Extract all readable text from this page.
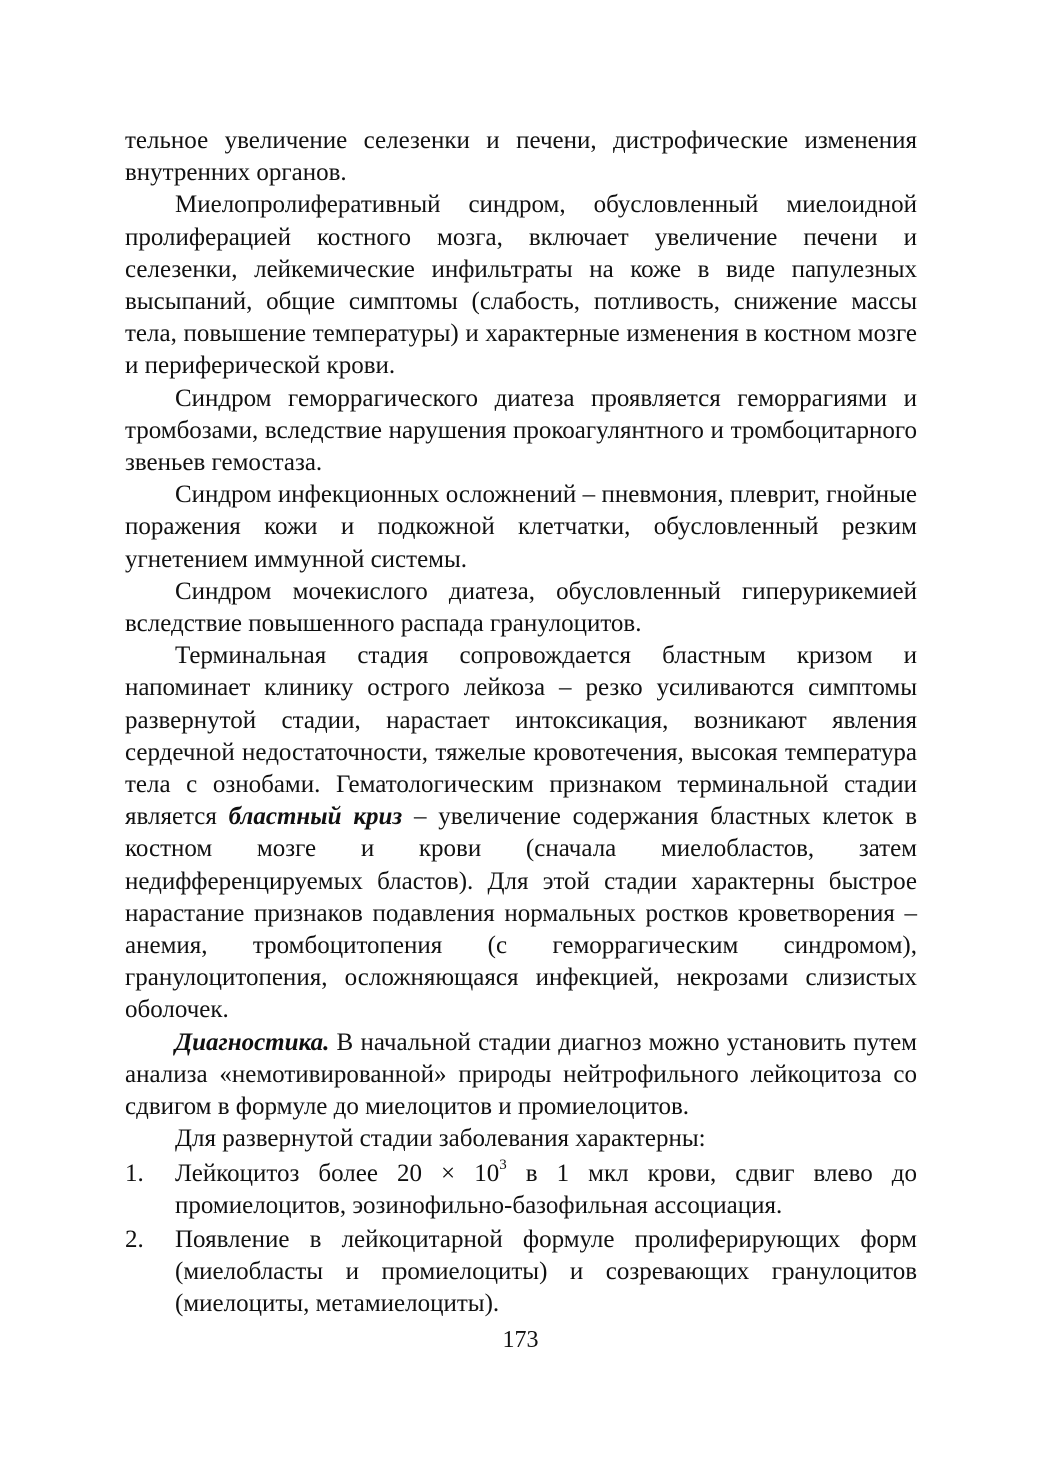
тельное увеличение селезенки и печени, дистрофические изменения внутренних органов.

Миелопролиферативный синдром, обусловленный миелоидной пролиферацией костного мозга, включает увеличение печени и селезенки, лейкемические инфильтраты на коже в виде папулезных высыпаний, общие симптомы (слабость, потливость, снижение массы тела, повышение температуры) и характерные изменения в костном мозге и периферической крови.

Синдром геморрагического диатеза проявляется геморрагиями и тромбозами, вследствие нарушения прокоагулянтного и тромбоцитарного звеньев гемостаза.

Синдром инфекционных осложнений – пневмония, плеврит, гнойные поражения кожи и подкожной клетчатки, обусловленный резким угнетением иммунной системы.

Синдром мочекислого диатеза, обусловленный гиперурикемией вследствие повышенного распада гранулоцитов.

Терминальная стадия сопровождается бластным кризом и напоминает клинику острого лейкоза – резко усиливаются симптомы развернутой стадии, нарастает интоксикация, возникают явления сердечной недостаточности, тяжелые кровотечения, высокая температура тела с ознобами. Гематологическим признаком терминальной стадии является бластный криз – увеличение содержания бластных клеток в костном мозге и крови (сначала миелобластов, затем недифференцируемых бластов). Для этой стадии характерны быстрое нарастание признаков подавления нормальных ростков кроветворения – анемия, тромбоцитопения (с геморрагическим синдромом), гранулоцитопения, осложняющаяся инфекцией, некрозами слизистых оболочек.

Диагностика. В начальной стадии диагноз можно установить путем анализа «немотивированной» природы нейтрофильного лейкоцитоза со сдвигом в формуле до миелоцитов и промиелоцитов.

Для развернутой стадии заболевания характерны:

1.	Лейкоцитоз более $20 \times 10^3$ в 1 мкл крови, сдвиг влево до промиелоцитов, эозинофильно-базофильная ассоциация.
2.	Появление в лейкоцитарной формуле пролиферирующих форм (миелобласты и промиелоциты) и созревающих гранулоцитов (миелоциты, метамиелоциты).
173
